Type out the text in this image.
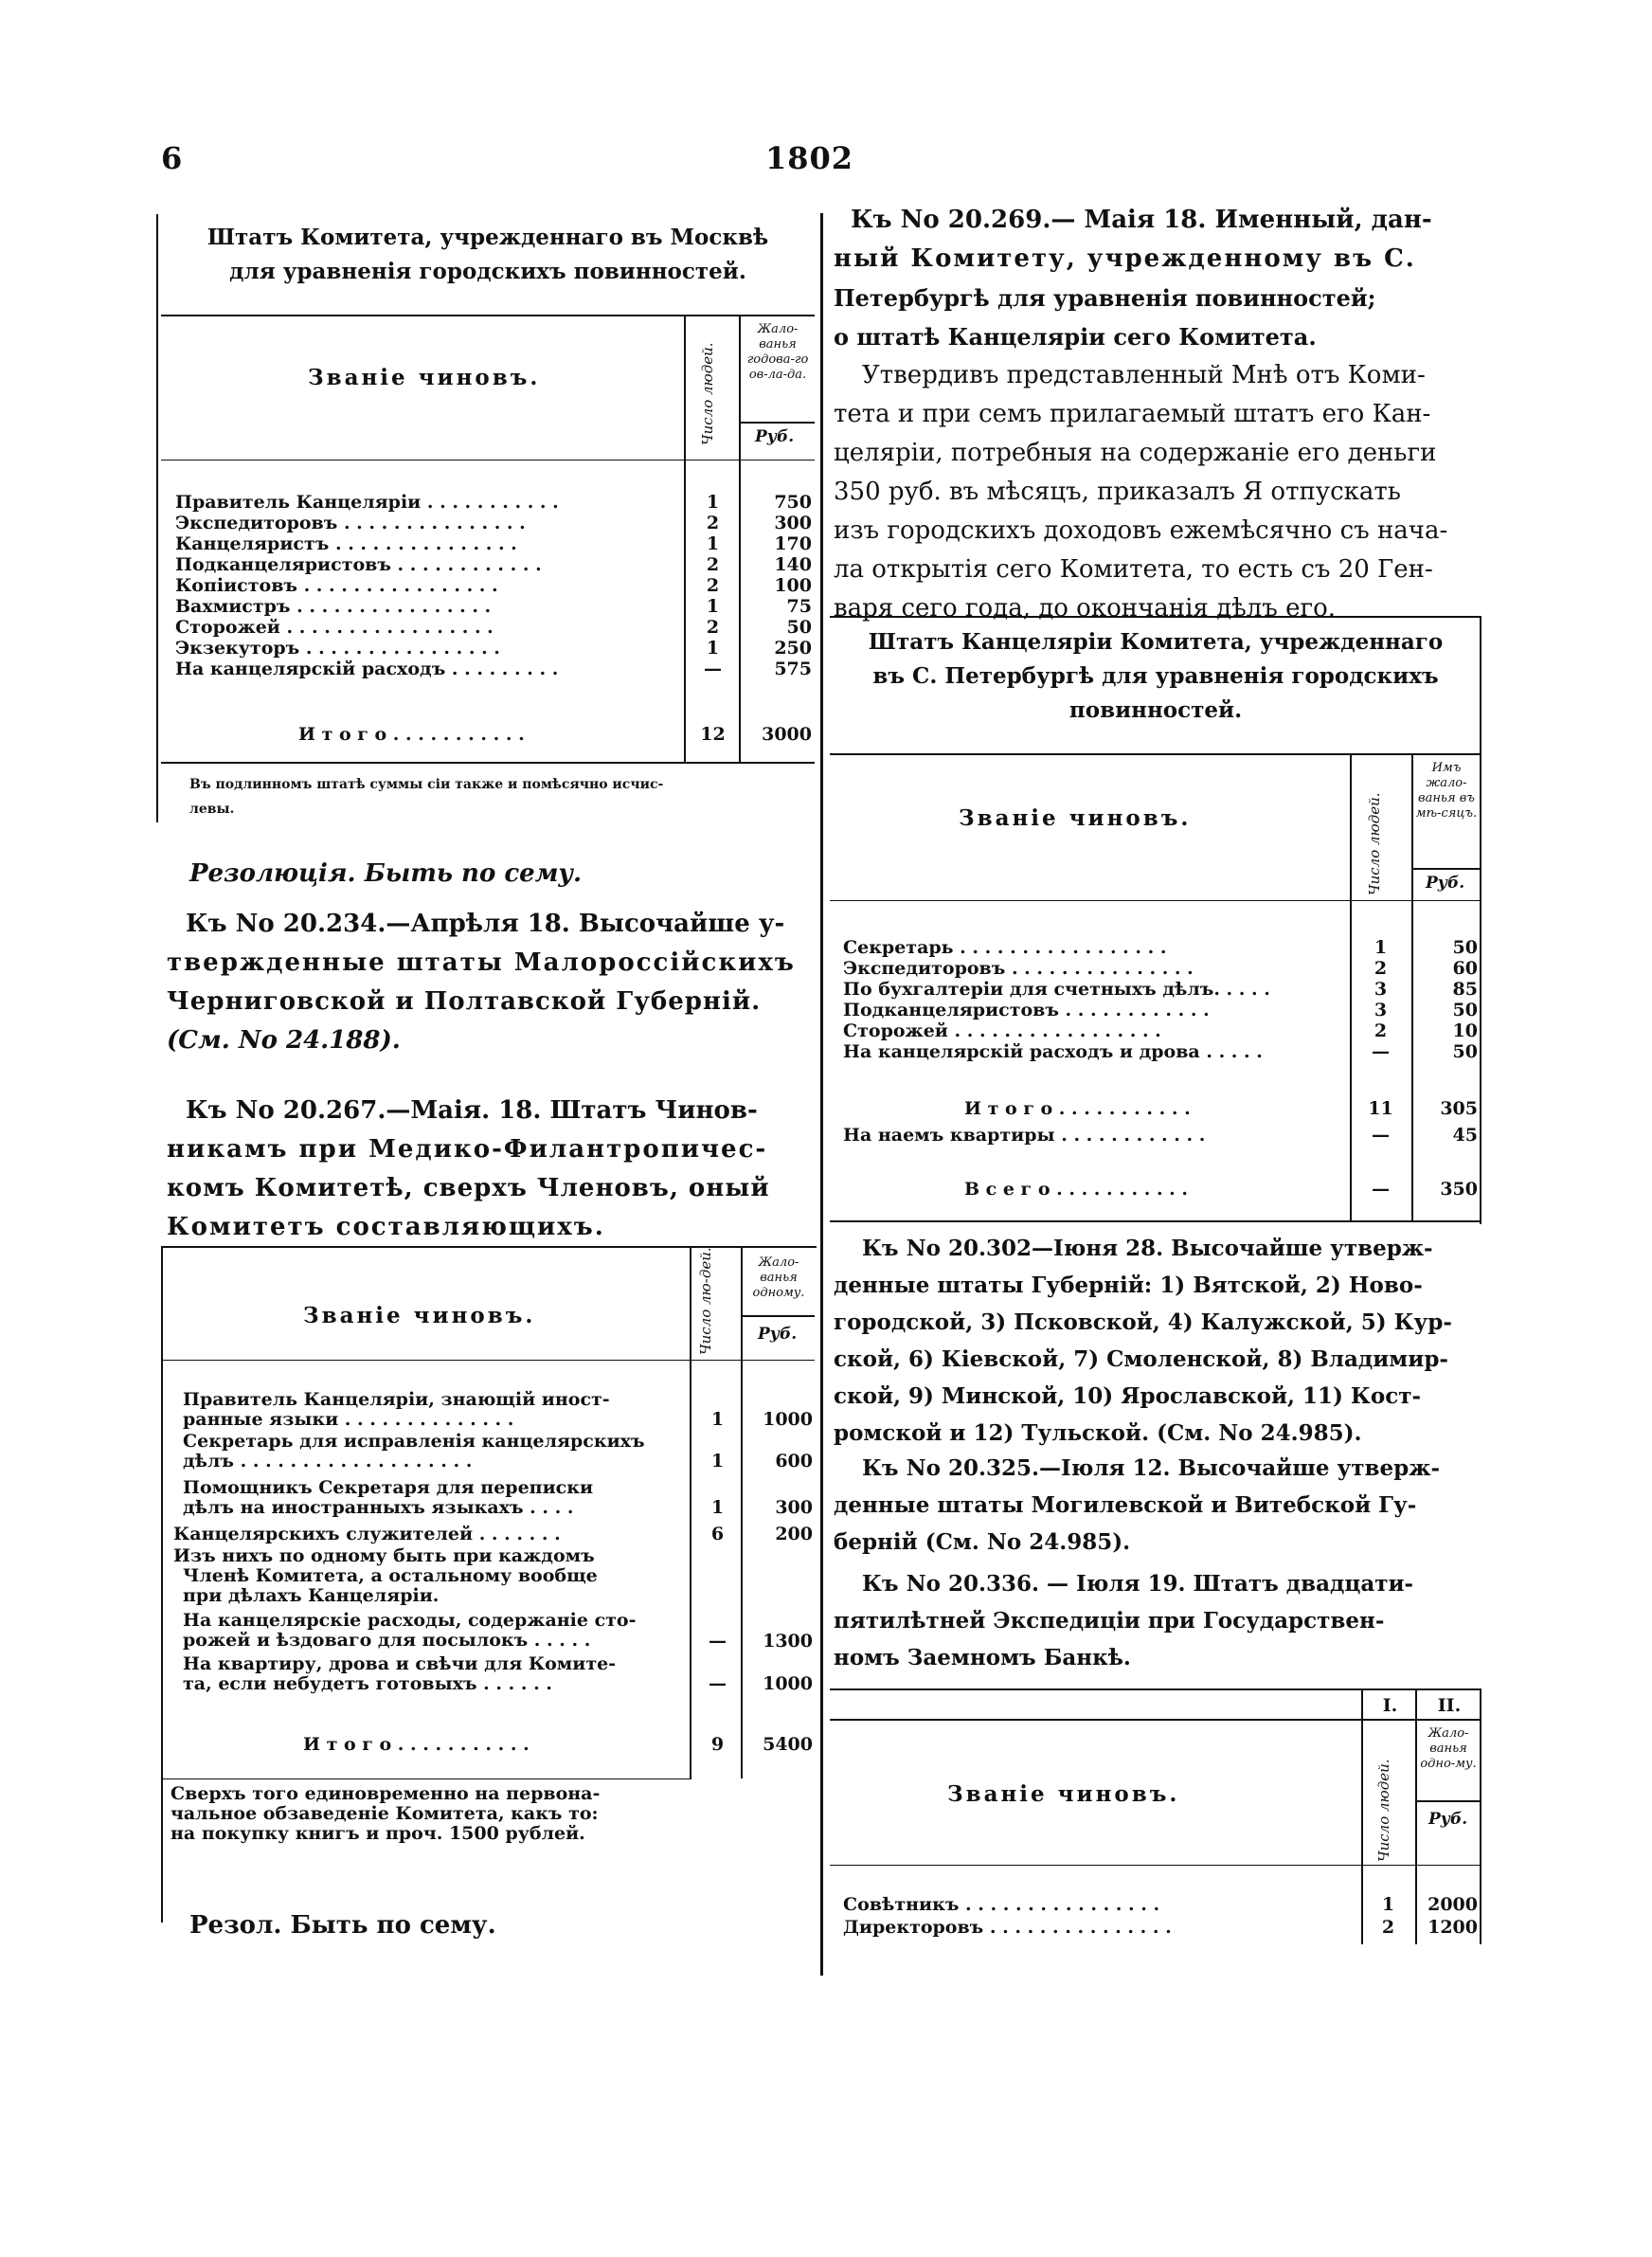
6	1802
Штатъ Комитета, учрежденнаго въ Москвѣ
для уравненія городскихъ повинностей.
Званіе чиновъ.	Число людей.
Жало-ванья годова-го ов-ла-да.
Руб.
Правитель Канцеляріи . . . . . . . . . . .	1	750
Экспедиторовъ . . . . . . . . . . . . . . .	2	300
Канцеляристъ . . . . . . . . . . . . . . .	1	170
Подканцеляристовъ . . . . . . . . . . . .	2	140
Копіистовъ . . . . . . . . . . . . . . . .	2	100
Вахмистръ . . . . . . . . . . . . . . . .	1	75
Сторожей . . . . . . . . . . . . . . . . .	2	50
Экзекуторъ . . . . . . . . . . . . . . . .	1	250
На канцелярскій расходъ . . . . . . . . .	—	575
И т о г о . . . . . . . . . . .	12	3000
Въ подлинномъ штатѣ суммы сіи также и помѣсячно исчис-
левы.
Резолюція. Быть по сему.
Къ No 20.234.—Апрѣля 18. Высочайше у-
твержденные штаты Малороссійскихъ
Черниговской и Полтавской Губерній.
(См. No 24.188).
Къ No 20.267.—Маія. 18. Штатъ Чинов-
никамъ при Медико-Филантропичес-
комъ Комитетѣ, сверхъ Членовъ, оный
Комитетъ составляющихъ.
Званіе чиновъ.	Число лю-дей.	Жало-ванья одному.
Руб.
Правитель Канцеляріи, знающій иност-
ранные языки . . . . . . . . . . . . . .	1	1000
Секретарь для исправленія канцелярскихъ
дѣлъ . . . . . . . . . . . . . . . . . . .	1	600
Помощникъ Секретаря для переписки
дѣлъ на иностранныхъ языкахъ . . . .	1	300
Канцелярскихъ служителей . . . . . . .	6	200
Изъ нихъ по одному быть при каждомъ
Членѣ Комитета, а остальному вообще
при дѣлахъ Канцеляріи.
На канцелярскіе расходы, содержаніе сто-
рожей и ѣздоваго для посылокъ . . . . .	—	1300
На квартиру, дрова и свѣчи для Комите-
та, если небудетъ готовыхъ . . . . . .	—	1000
И т о г о . . . . . . . . . . .	9	5400
Сверхъ того единовременно на первона-
чальное обзаведеніе Комитета, какъ то:
на покупку книгъ и проч. 1500 рублей.
Резол. Быть по сему.
Къ No 20.269.— Маія 18. Именный, дан-
ный Комитету, учрежденному въ С.
Петербургѣ для уравненія повинностей;
о штатѣ Канцеляріи сего Комитета.
Утвердивъ представленный Мнѣ отъ Коми-
тета и при семъ прилагаемый штатъ его Кан-
целяріи, потребныя на содержаніе его деньги
350 руб. въ мѣсяцъ, приказалъ Я отпускать
изъ городскихъ доходовъ ежемѣсячно съ нача-
ла открытія сего Комитета, то есть съ 20 Ген-
варя сего года, до окончанія дѣлъ его.
Штатъ Канцеляріи Комитета, учрежденнаго
въ С. Петербургѣ для уравненія городскихъ
повинностей.
Званіе чиновъ.	Число людей.
Имъ жало-ванья въ мѣ-сяцъ.
Руб.
Секретарь . . . . . . . . . . . . . . . . .	1	50
Экспедиторовъ . . . . . . . . . . . . . . .	2	60
По бухгалтеріи для счетныхъ дѣлъ. . . . .	3	85
Подканцеляристовъ . . . . . . . . . . . .	3	50
Сторожей . . . . . . . . . . . . . . . . .	2	10
На канцелярскій расходъ и дрова . . . . .	—	50
И т о г о . . . . . . . . . . .	11	305
На наемъ квартиры . . . . . . . . . . . .	—	45
В с е г о . . . . . . . . . . .	—	350
Къ No 20.302—Іюня 28. Высочайше утверж-
денные штаты Губерній: 1) Вятской, 2) Ново-
городской, 3) Псковской, 4) Калужской, 5) Кур-
ской, 6) Кіевской, 7) Смоленской, 8) Владимир-
ской, 9) Минской, 10) Ярославской, 11) Кост-
ромской и 12) Тульской. (См. No 24.985).
Къ No 20.325.—Іюля 12. Высочайше утверж-
денные штаты Могилевской и Витебской Гу-
берній (См. No 24.985).
Къ No 20.336. — Іюля 19. Штатъ двадцати-
пятилѣтней Экспедиціи при Государствен-
номъ Заемномъ Банкѣ.
I.	II.
Званіе чиновъ.	Число людей.
Жало-ванья одно-му.
Руб.
Совѣтникъ . . . . . . . . . . . . . . . .	1	2000
Директоровъ . . . . . . . . . . . . . . .	2	1200
